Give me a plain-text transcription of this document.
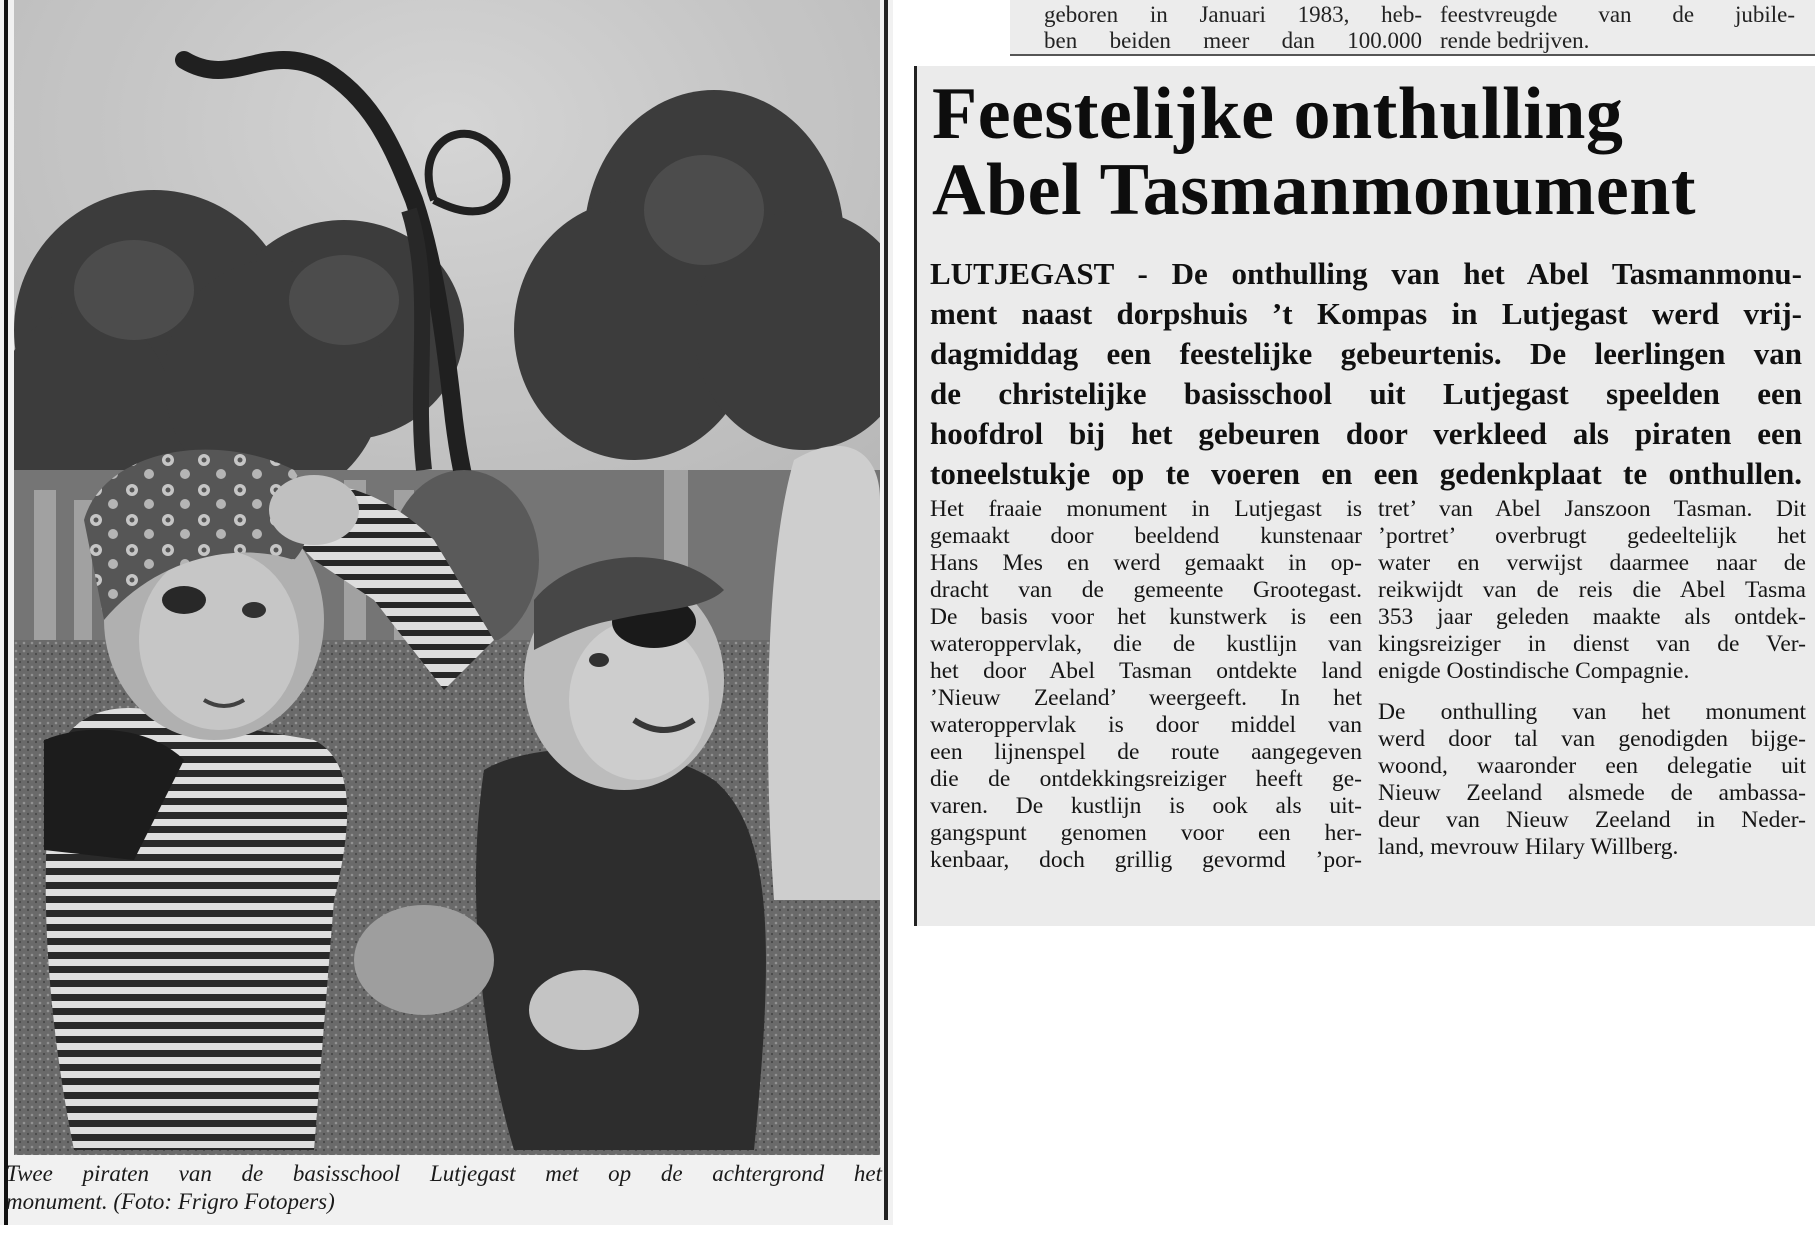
Twee piraten van de basisschool Lutjegast met op de achtergrond het
monument. (Foto: Frigro Fotopers)
geboren in Januari 1983, heb-
ben beiden meer dan 100.000
feestvreugde van de jubile-
rende bedrijven.
Feestelijke onthulling
Abel Tasmanmonument
LUTJEGAST - De onthulling van het Abel Tasmanmonu-
ment naast dorpshuis ’t Kompas in Lutjegast werd vrij-
dagmiddag een feestelijke gebeurtenis. De leerlingen van
de christelijke basisschool uit Lutjegast speelden een
hoofdrol bij het gebeuren door verkleed als piraten een
toneelstukje op te voeren en een gedenkplaat te onthullen.
Het fraaie monument in Lutjegast is
gemaakt door beeldend kunstenaar
Hans Mes en werd gemaakt in op-
dracht van de gemeente Grootegast.
De basis voor het kunstwerk is een
wateroppervlak, die de kustlijn van
het door Abel Tasman ontdekte land
’Nieuw Zeeland’ weergeeft. In het
wateroppervlak is door middel van
een lijnenspel de route aangegeven
die de ontdekkingsreiziger heeft ge-
varen. De kustlijn is ook als uit-
gangspunt genomen voor een her-
kenbaar, doch grillig gevormd ’por-
tret’ van Abel Janszoon Tasman. Dit
’portret’ overbrugt gedeeltelijk het
water en verwijst daarmee naar de
reikwijdt van de reis die Abel Tasma
353 jaar geleden maakte als ontdek-
kingsreiziger in dienst van de Ver-
enigde Oostindische Compagnie.
De onthulling van het monument
werd door tal van genodigden bijge-
woond, waaronder een delegatie uit
Nieuw Zeeland alsmede de ambassa-
deur van Nieuw Zeeland in Neder-
land, mevrouw Hilary Willberg.
